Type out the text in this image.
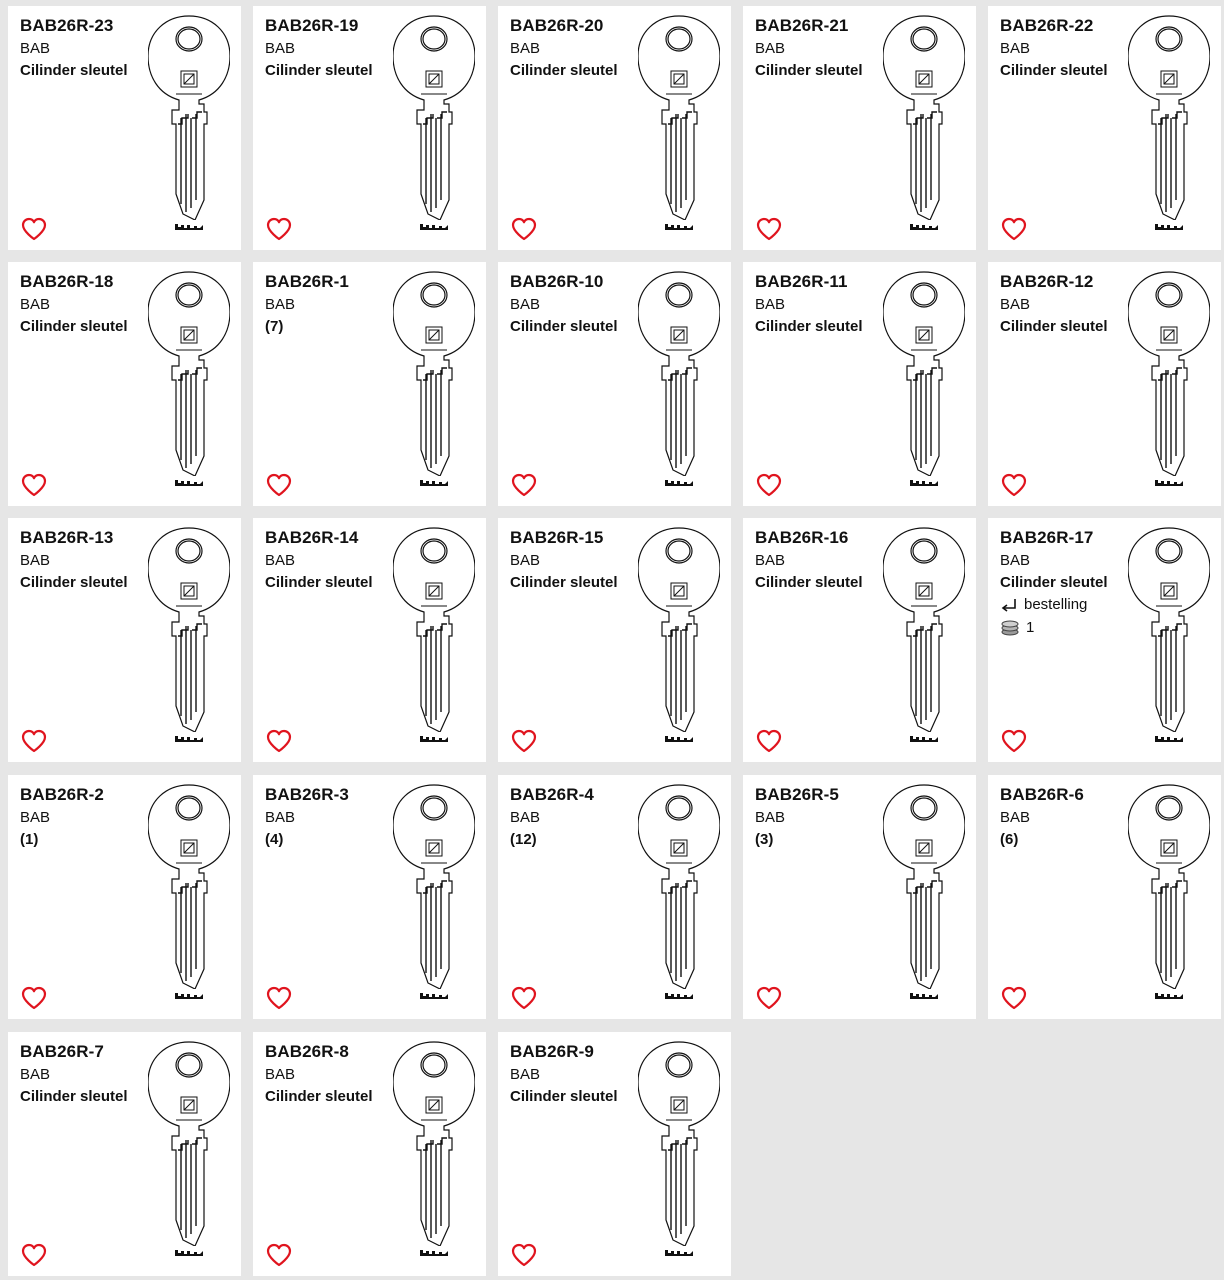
BAB26R-23
BAB
Cilinder sleutel
BAB26R-19
BAB
Cilinder sleutel
BAB26R-20
BAB
Cilinder sleutel
BAB26R-21
BAB
Cilinder sleutel
BAB26R-22
BAB
Cilinder sleutel
BAB26R-18
BAB
Cilinder sleutel
BAB26R-1
BAB
(7)
BAB26R-10
BAB
Cilinder sleutel
BAB26R-11
BAB
Cilinder sleutel
BAB26R-12
BAB
Cilinder sleutel
BAB26R-13
BAB
Cilinder sleutel
BAB26R-14
BAB
Cilinder sleutel
BAB26R-15
BAB
Cilinder sleutel
BAB26R-16
BAB
Cilinder sleutel
BAB26R-17
BAB
Cilinder sleutel
bestelling
1
BAB26R-2
BAB
(1)
BAB26R-3
BAB
(4)
BAB26R-4
BAB
(12)
BAB26R-5
BAB
(3)
BAB26R-6
BAB
(6)
BAB26R-7
BAB
Cilinder sleutel
BAB26R-8
BAB
Cilinder sleutel
BAB26R-9
BAB
Cilinder sleutel
